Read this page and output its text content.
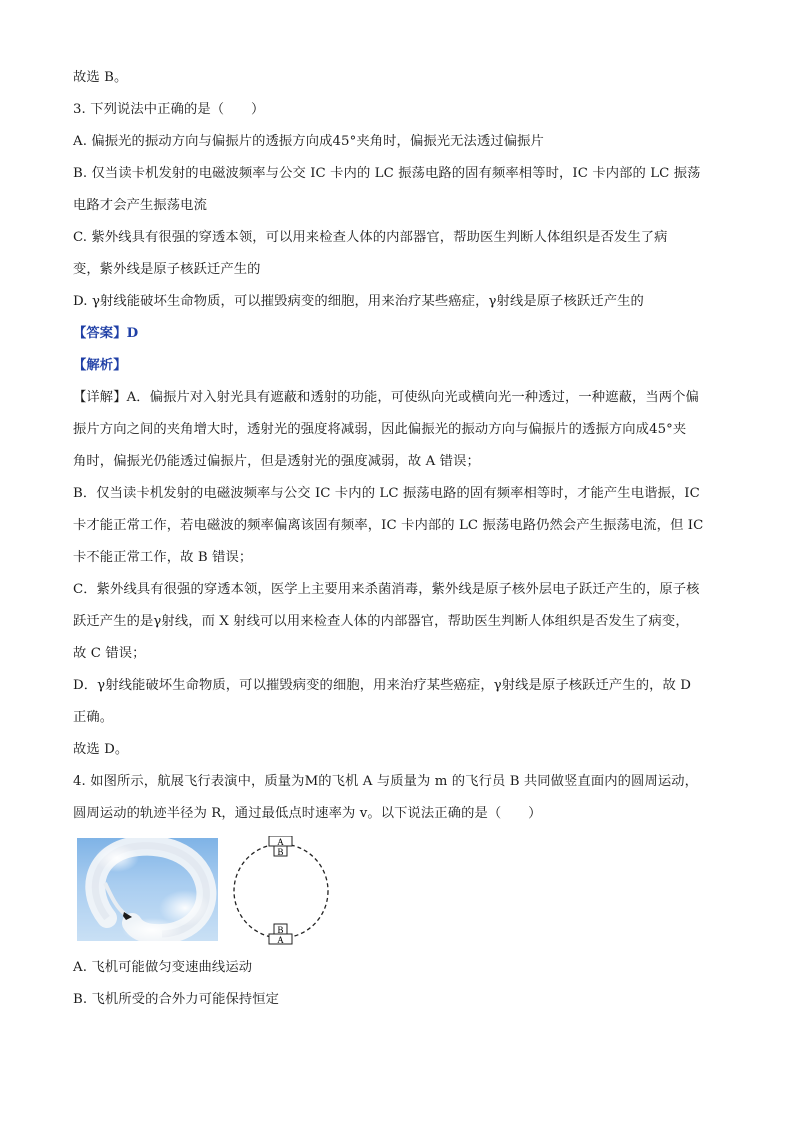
故选 B。
3. 下列说法中正确的是（　　）
A. 偏振光的振动方向与偏振片的透振方向成45°夹角时，偏振光无法透过偏振片
B. 仅当读卡机发射的电磁波频率与公交 IC 卡内的 LC 振荡电路的固有频率相等时，IC 卡内部的 LC 振荡
电路才会产生振荡电流
C. 紫外线具有很强的穿透本领，可以用来检查人体的内部器官，帮助医生判断人体组织是否发生了病
变，紫外线是原子核跃迁产生的
D. γ射线能破坏生命物质，可以摧毁病变的细胞，用来治疗某些癌症，γ射线是原子核跃迁产生的
【答案】D
【解析】
【详解】A．偏振片对入射光具有遮蔽和透射的功能，可使纵向光或横向光一种透过，一种遮蔽，当两个偏
振片方向之间的夹角增大时，透射光的强度将减弱，因此偏振光的振动方向与偏振片的透振方向成45°夹
角时，偏振光仍能透过偏振片，但是透射光的强度减弱，故 A 错误；
B．仅当读卡机发射的电磁波频率与公交 IC 卡内的 LC 振荡电路的固有频率相等时，才能产生电谐振，IC
卡才能正常工作，若电磁波的频率偏离该固有频率，IC 卡内部的 LC 振荡电路仍然会产生振荡电流，但 IC
卡不能正常工作，故 B 错误；
C．紫外线具有很强的穿透本领，医学上主要用来杀菌消毒，紫外线是原子核外层电子跃迁产生的，原子核
跃迁产生的是γ射线，而 X 射线可以用来检查人体的内部器官，帮助医生判断人体组织是否发生了病变，
故 C 错误；
D．γ射线能破坏生命物质，可以摧毁病变的细胞，用来治疗某些癌症，γ射线是原子核跃迁产生的，故 D
正确。
故选 D。
4. 如图所示，航展飞行表演中，质量为M的飞机 A 与质量为 m 的飞行员 B 共同做竖直面内的圆周运动，
圆周运动的轨迹半径为 R，通过最低点时速率为 v。以下说法正确的是（　　）
A
B
B
A
A. 飞机可能做匀变速曲线运动
B. 飞机所受的合外力可能保持恒定
